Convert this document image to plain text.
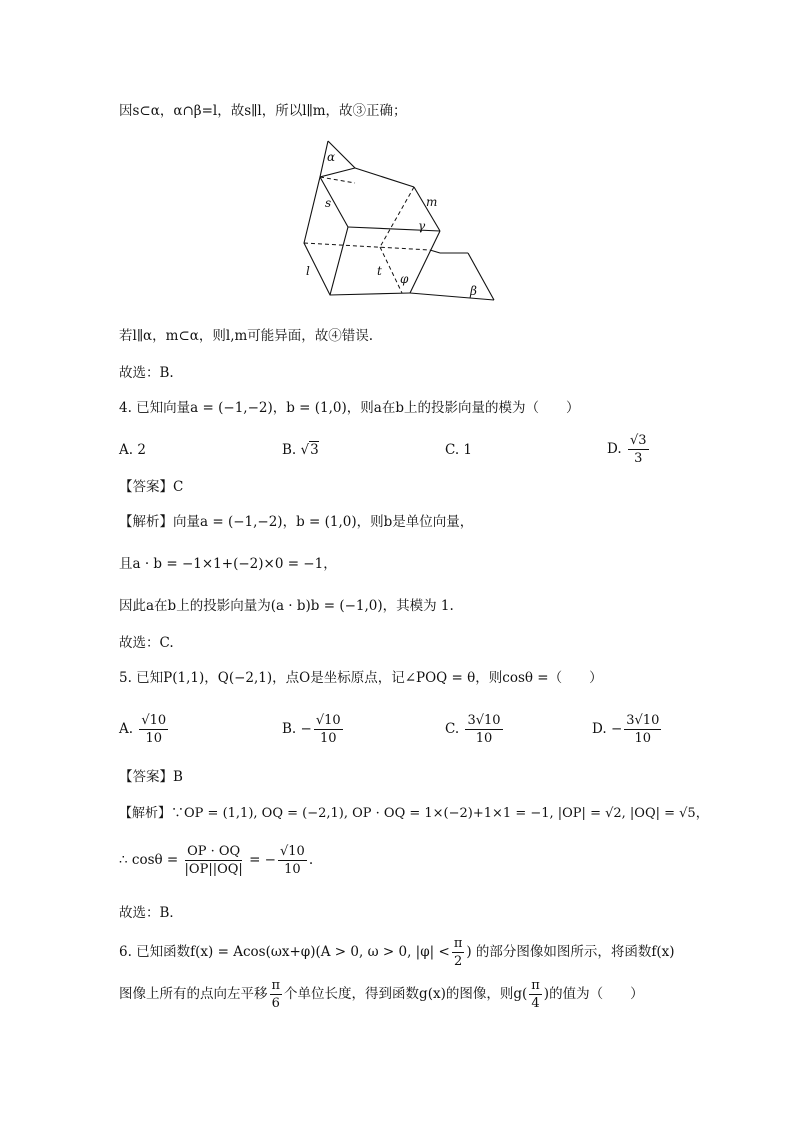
因s⊂α，α∩β=l，故s∥l，所以l∥m，故③正确；
α
s
l
m
γ
t
φ
β
若l∥α，m⊂α，则l,m可能异面，故④错误.
故选：B.
4. 已知向量a = (−1,−2)，b = (1,0)，则a在b上的投影向量的模为（　　）
A. 2	B. √3	C. 1	D. $\frac{√3}{3}$
【答案】C
【解析】向量a = (−1,−2)，b = (1,0)，则b是单位向量，
且a · b = −1×1+(−2)×0 = −1，
因此a在b上的投影向量为(a · b)b = (−1,0)，其模为 1.
故选：C.
5. 已知P(1,1)，Q(−2,1)，点O是坐标原点，记∠POQ = θ，则cosθ =（　　）
A. $\frac{√10}{10}$	B. − $\frac{√10}{10}$	C. $\frac{3√10}{10}$	D. − $\frac{3√10}{10}$
【答案】B
【解析】∵OP = (1,1), OQ = (−2,1), OP · OQ = 1×(−2)+1×1 = −1, |OP| = √2, |OQ| = √5，
∴ $\cos\theta = \frac{OP \cdot OQ}{|OP||OQ|}$ = − $\frac{√10}{10}$ .
故选：B．
6. 已知函数f(x) = Acos(ωx+φ)(A > 0, ω > 0, $|\varphi| < \frac{\pi}{2}$ ) 的部分图像如图所示，将函数f(x)
图像上所有的点向左平移 $\frac{\pi}{6}$ 个单位长度，得到函数g(x)的图像，则$g( \frac{\pi}{4}$ )的值为（　　）
